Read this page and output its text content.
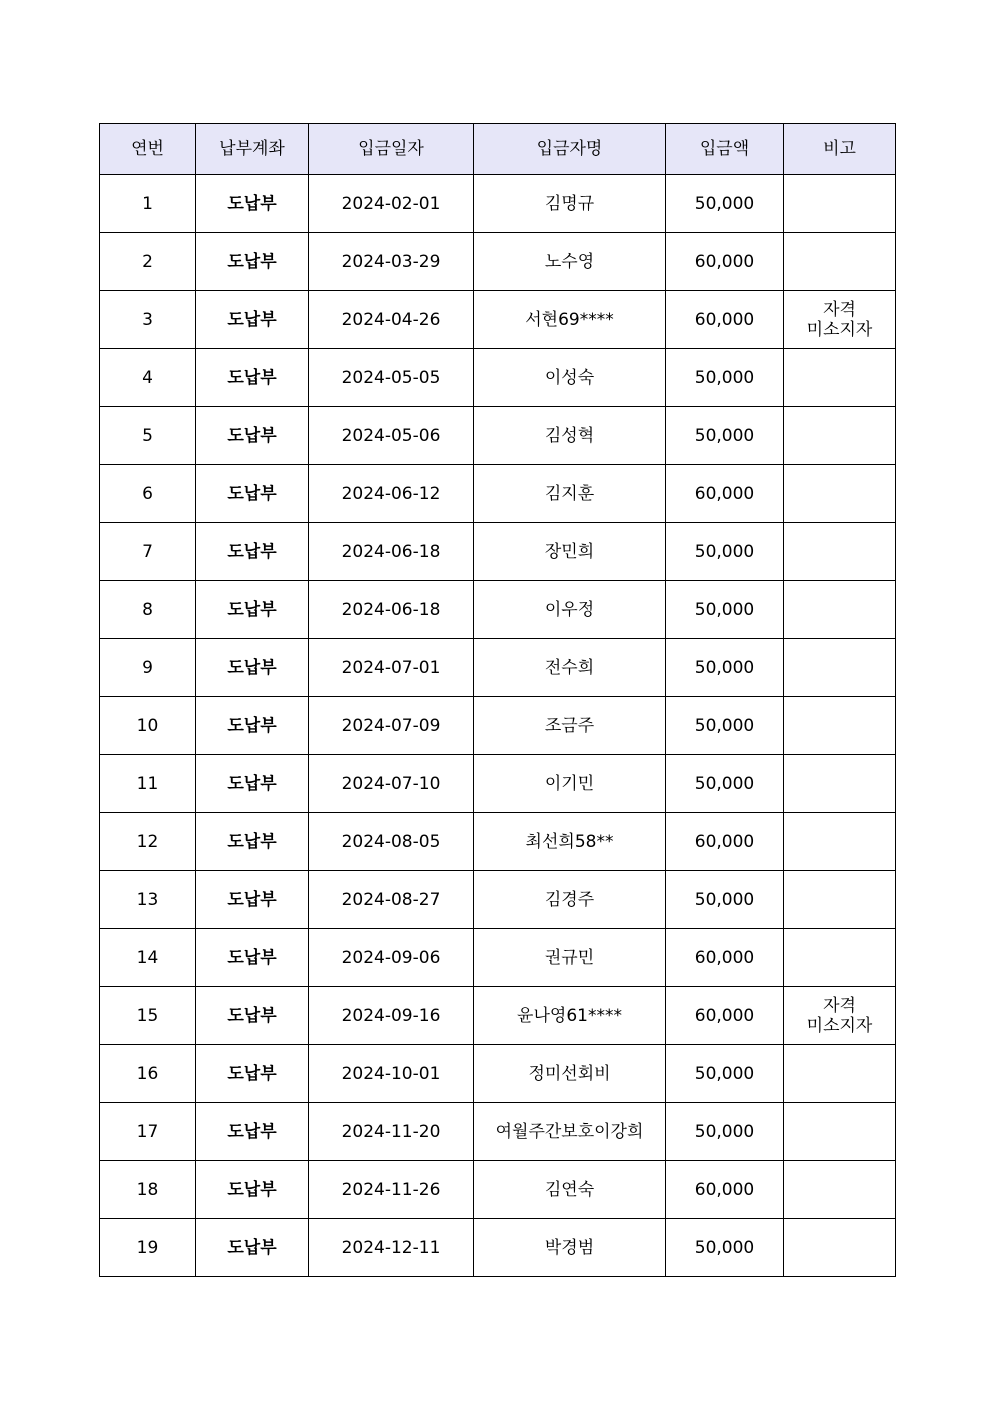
연번	납부계좌	입금일자	입금자명	입금액	비고
1	도납부	2024-02-01	김명규	50,000	
2	도납부	2024-03-29	노수영	60,000	
3	도납부	2024-04-26	서현69****	60,000	자격
미소지자

4	도납부	2024-05-05	이성숙	50,000	
5	도납부	2024-05-06	김성혁	50,000	
6	도납부	2024-06-12	김지훈	60,000	
7	도납부	2024-06-18	장민희	50,000	
8	도납부	2024-06-18	이우정	50,000	
9	도납부	2024-07-01	전수희	50,000	
10	도납부	2024-07-09	조금주	50,000	
11	도납부	2024-07-10	이기민	50,000	
12	도납부	2024-08-05	최선희58**	60,000	
13	도납부	2024-08-27	김경주	50,000	
14	도납부	2024-09-06	권규민	60,000	
15	도납부	2024-09-16	윤나영61****	60,000	자격
미소지자

16	도납부	2024-10-01	정미선회비	50,000	
17	도납부	2024-11-20	여월주간보호이강희	50,000	
18	도납부	2024-11-26	김연숙	60,000	
19	도납부	2024-12-11	박경범	50,000	
